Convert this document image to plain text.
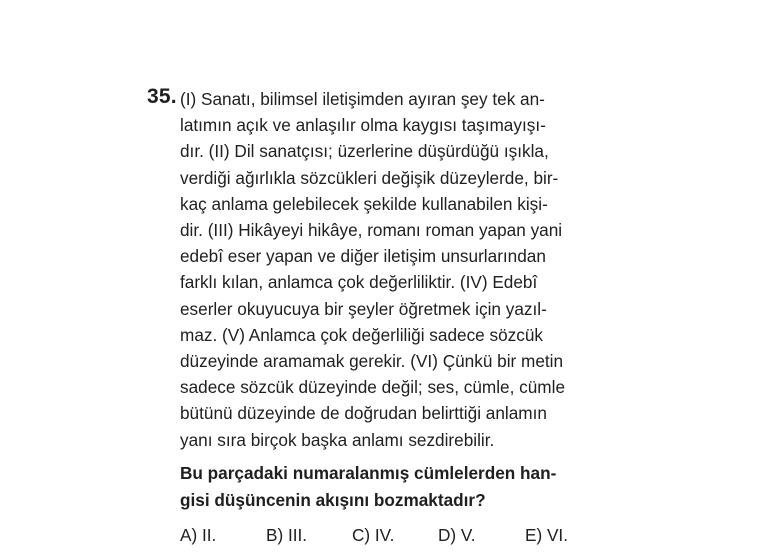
35. (I) Sanatı, bilimsel iletişimden ayıran şey tek an-
latımın açık ve anlaşılır olma kaygısı taşımayışı-
dır. (II) Dil sanatçısı; üzerlerine düşürdüğü ışıkla,
verdiği ağırlıkla sözcükleri değişik düzeylerde, bir-
kaç anlama gelebilecek şekilde kullanabilen kişi-
dir. (III) Hikâyeyi hikâye, romanı roman yapan yani
edebî eser yapan ve diğer iletişim unsurlarından
farklı kılan, anlamca çok değerliliktir. (IV) Edebî
eserler okuyucuya bir şeyler öğretmek için yazıl-
maz. (V) Anlamca çok değerliliği sadece sözcük
düzeyinde aramamak gerekir. (VI) Çünkü bir metin
sadece sözcük düzeyinde değil; ses, cümle, cümle
bütünü düzeyinde de doğrudan belirttiği anlamın
yanı sıra birçok başka anlamı sezdirebilir.
Bu parçadaki numaralanmış cümlelerden han-
gisi düşüncenin akışını bozmaktadır?
A) II.	B) III.	C) IV.	D) V.	E) VI.
